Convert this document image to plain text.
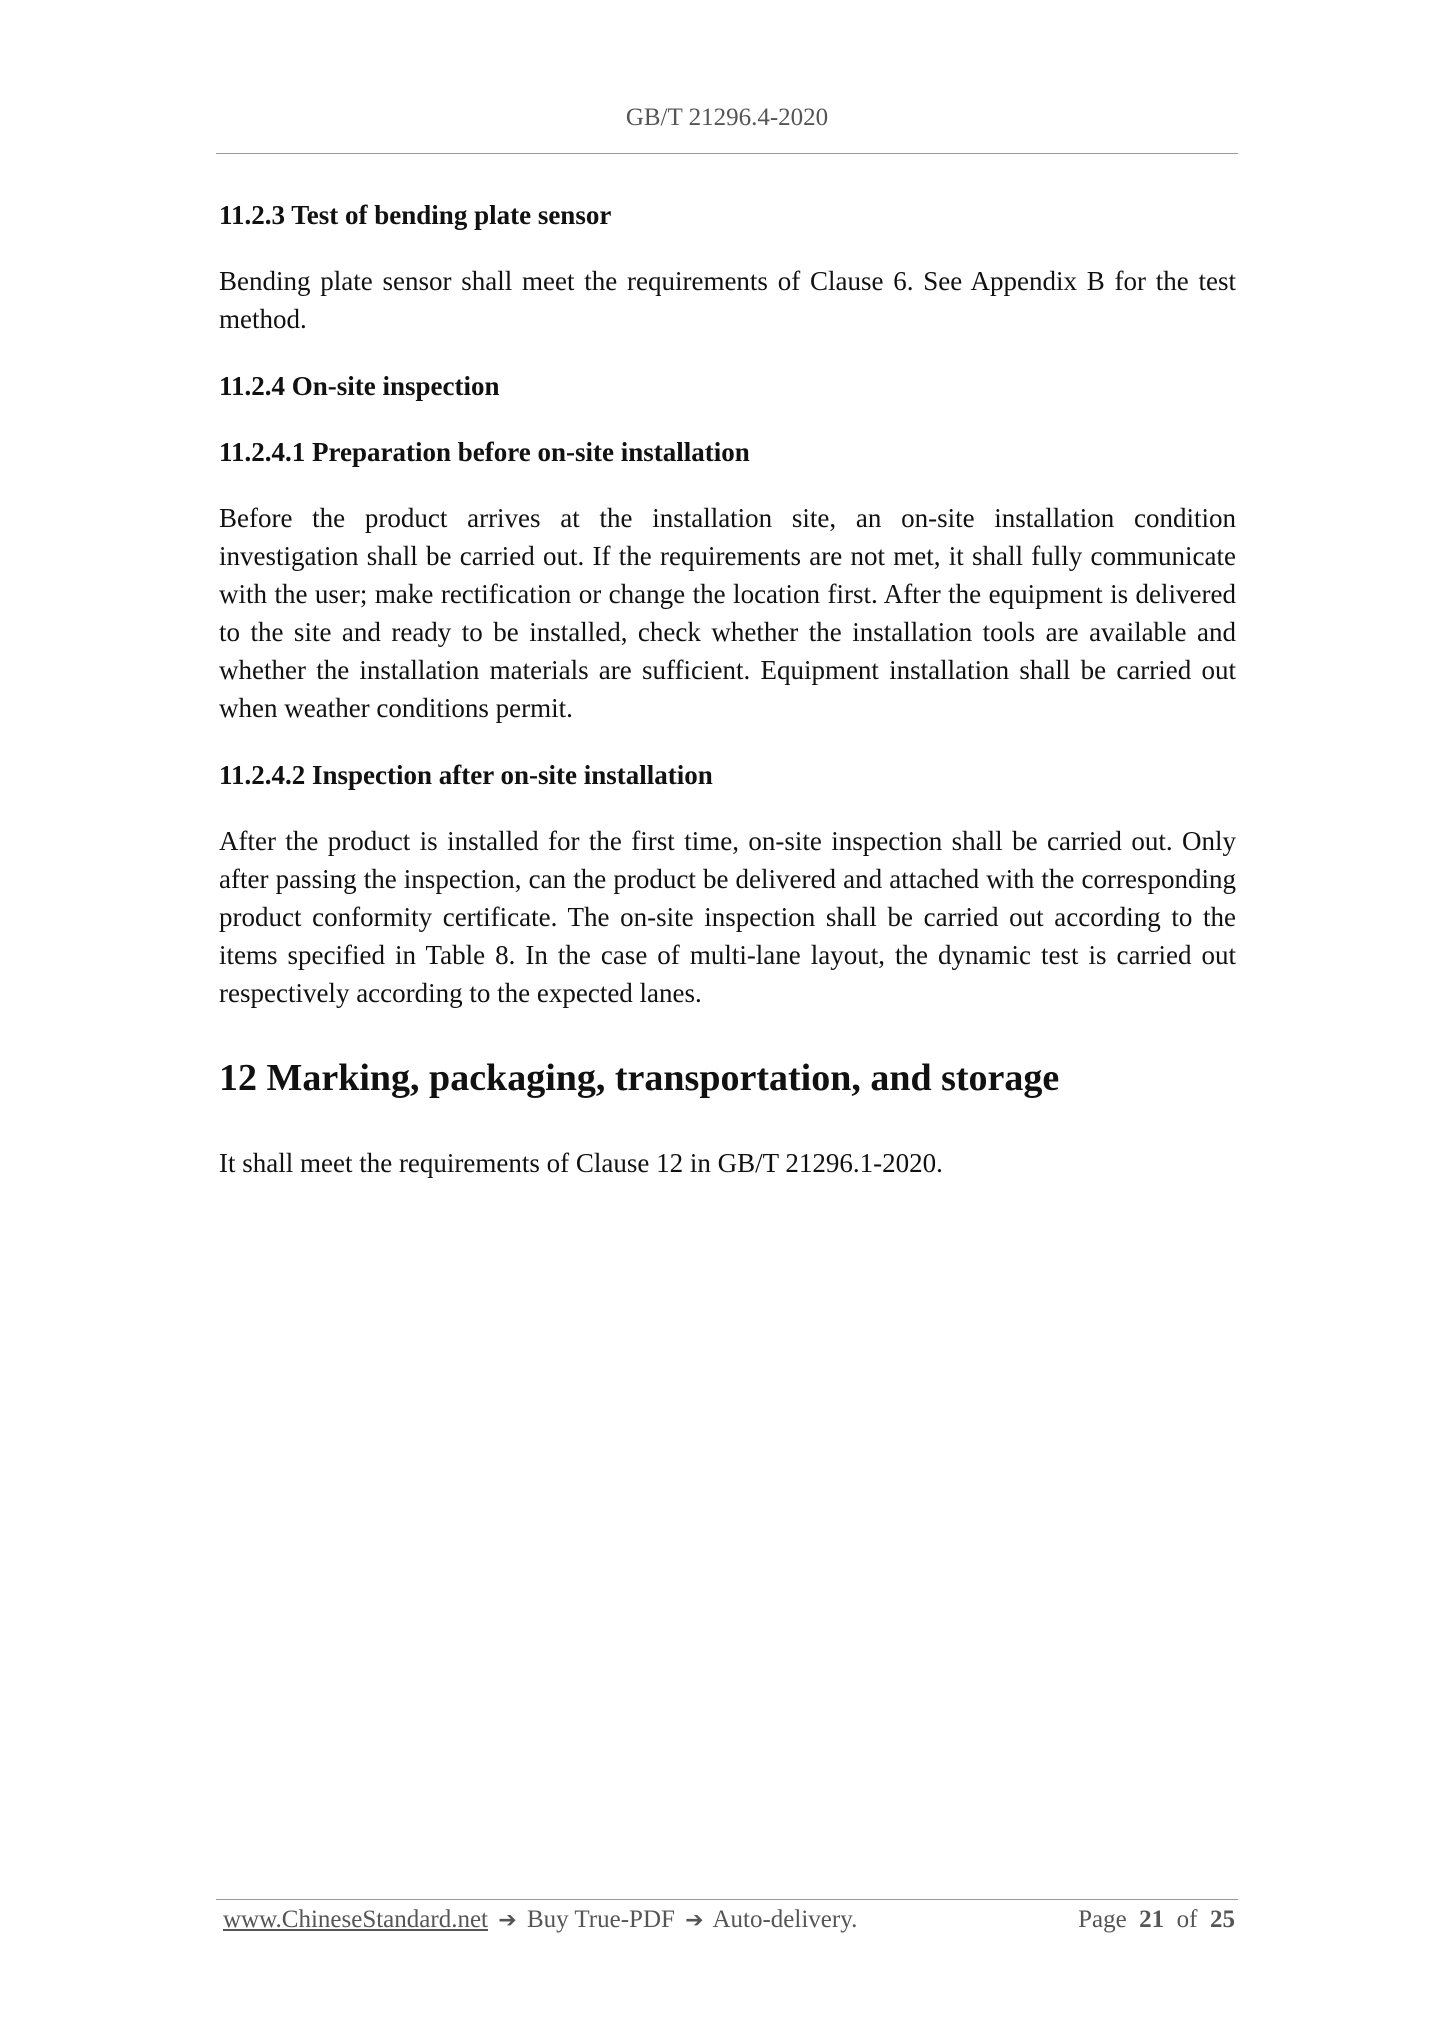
GB/T 21296.4-2020

11.2.3 Test of bending plate sensor

Bending plate sensor shall meet the requirements of Clause 6. See Appendix B for the test method.

11.2.4 On-site inspection

11.2.4.1 Preparation before on-site installation

Before the product arrives at the installation site, an on-site installation condition investigation shall be carried out. If the requirements are not met, it shall fully communicate with the user; make rectification or change the location first. After the equipment is delivered to the site and ready to be installed, check whether the installation tools are available and whether the installation materials are sufficient. Equipment installation shall be carried out when weather conditions permit.

11.2.4.2 Inspection after on-site installation

After the product is installed for the first time, on-site inspection shall be carried out. Only after passing the inspection, can the product be delivered and attached with the corresponding product conformity certificate. The on-site inspection shall be carried out according to the items specified in Table 8. In the case of multi-lane layout, the dynamic test is carried out respectively according to the expected lanes.

12 Marking, packaging, transportation, and storage

It shall meet the requirements of Clause 12 in GB/T 21296.1-2020.

www.ChineseStandard.net ➔ Buy True-PDF ➔ Auto-delivery.	Page 21 of 25
